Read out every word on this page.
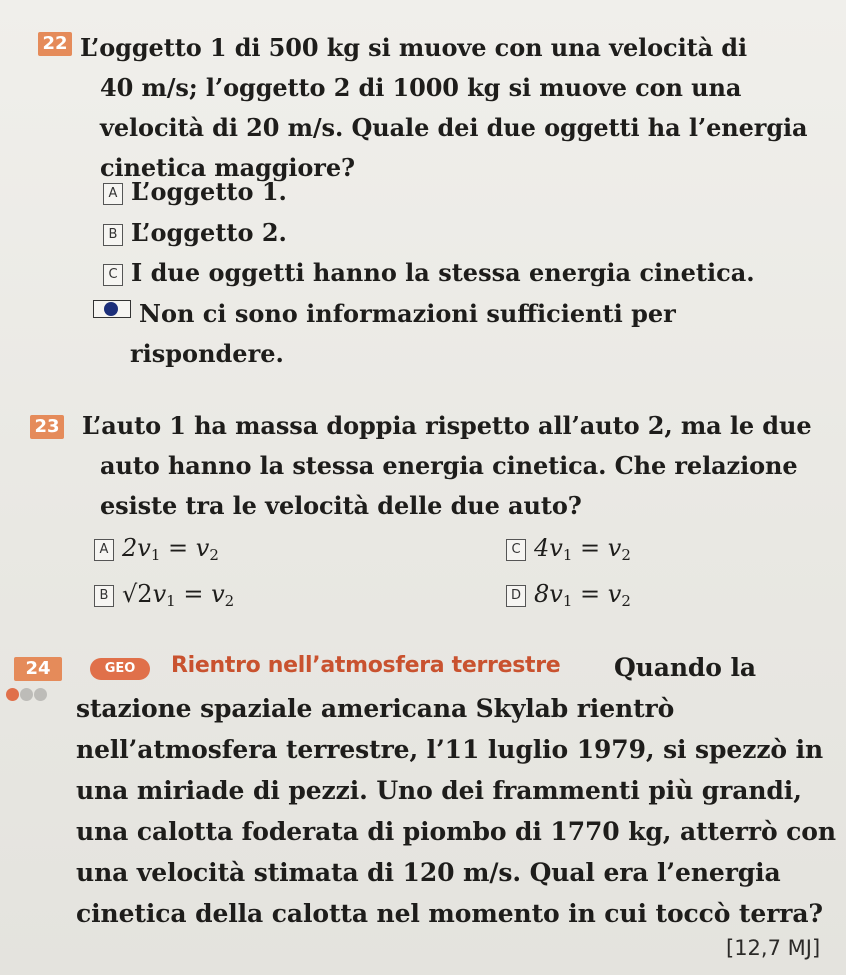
22 L’oggetto 1 di 500 kg si muove con una velocità di
40 m/s; l’oggetto 2 di 1000 kg si muove con una
velocità di 20 m/s. Quale dei due oggetti ha l’energia
cinetica maggiore?
A L’oggetto 1.
B L’oggetto 2.
C I due oggetti hanno la stessa energia cinetica.
Non ci sono informazioni sufficienti per
rispondere.
23 L’auto 1 ha massa doppia rispetto all’auto 2, ma le due
auto hanno la stessa energia cinetica. Che relazione
esiste tra le velocità delle due auto?
A $2v_1 = v_2$
B $√2v_1 = v_2$
C $4v_1 = v_2$
D $8v_1 = v_2$
24	GEO	Rientro nell’atmosfera terrestre Quando la
stazione spaziale americana Skylab rientrò
nell’atmosfera terrestre, l’11 luglio 1979, si spezzò in
una miriade di pezzi. Uno dei frammenti più grandi,
una calotta foderata di piombo di 1770 kg, atterrò con
una velocità stimata di 120 m/s. Qual era l’energia
cinetica della calotta nel momento in cui toccò terra?
[12,7 MJ]
